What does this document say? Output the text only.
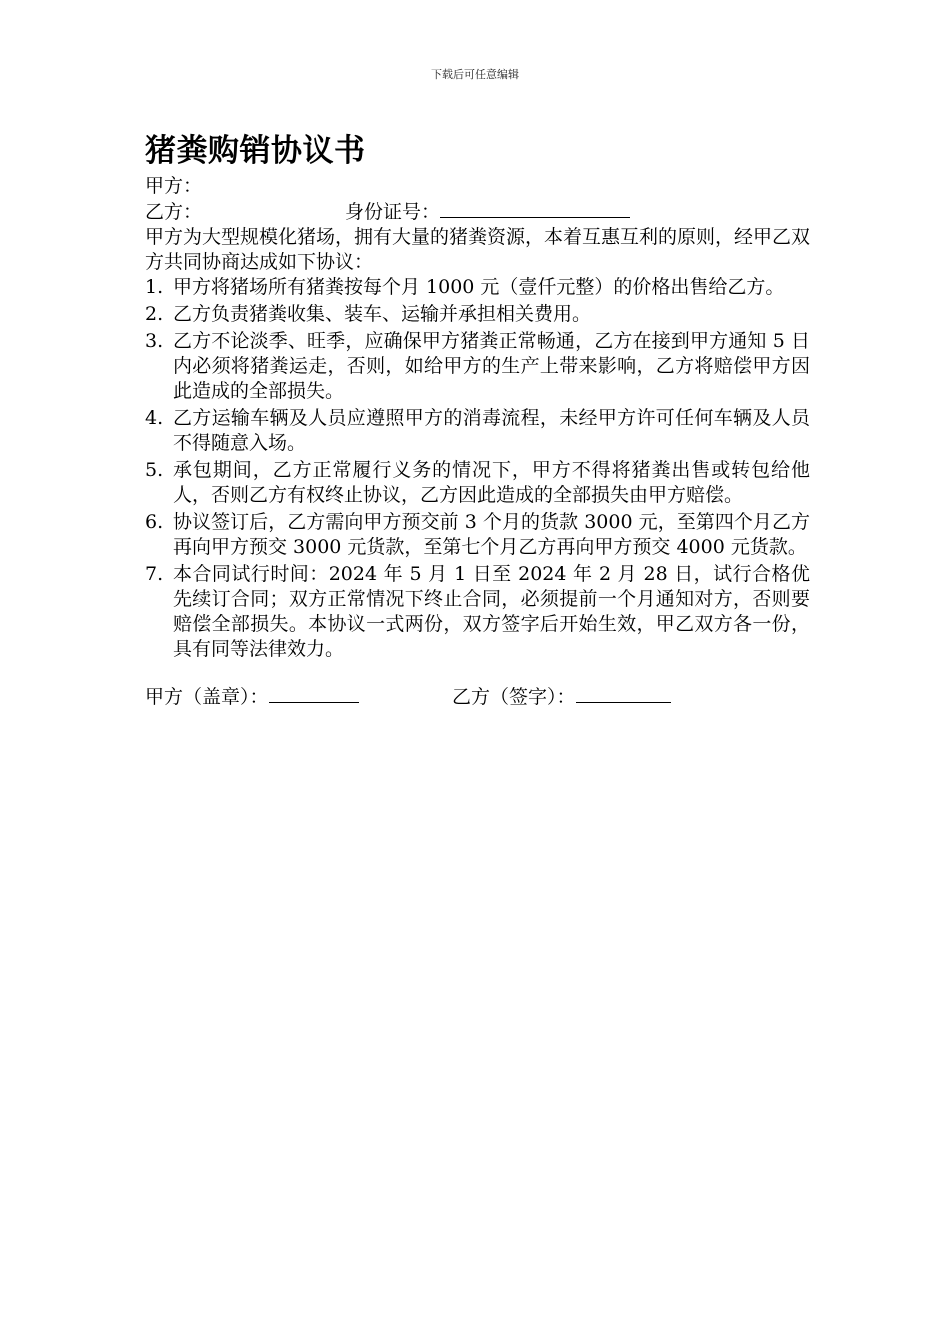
下载后可任意编辑
猪粪购销协议书

甲方：

乙方：	身份证号：

甲方为大型规模化猪场，拥有大量的猪粪资源，本着互惠互利的原则，经甲乙双方共同协商达成如下协议：

1. 甲方将猪场所有猪粪按每个月 1000 元（壹仟元整）的价格出售给乙方。
2. 乙方负责猪粪收集、装车、运输并承担相关费用。
3. 乙方不论淡季、旺季，应确保甲方猪粪正常畅通，乙方在接到甲方通知 5 日内必须将猪粪运走，否则，如给甲方的生产上带来影响，乙方将赔偿甲方因此造成的全部损失。
4. 乙方运输车辆及人员应遵照甲方的消毒流程，未经甲方许可任何车辆及人员不得随意入场。
5. 承包期间，乙方正常履行义务的情况下，甲方不得将猪粪出售或转包给他人，否则乙方有权终止协议，乙方因此造成的全部损失由甲方赔偿。
6. 协议签订后，乙方需向甲方预交前 3 个月的货款 3000 元，至第四个月乙方再向甲方预交 3000 元货款，至第七个月乙方再向甲方预交 4000 元货款。
7. 本合同试行时间：2024 年 5 月 1 日至 2024 年 2 月 28 日，试行合格优先续订合同；双方正常情况下终止合同，必须提前一个月通知对方，否则要赔偿全部损失。本协议一式两份，双方签字后开始生效，甲乙双方各一份，具有同等法律效力。
甲方（盖章）：	乙方（签字）：
